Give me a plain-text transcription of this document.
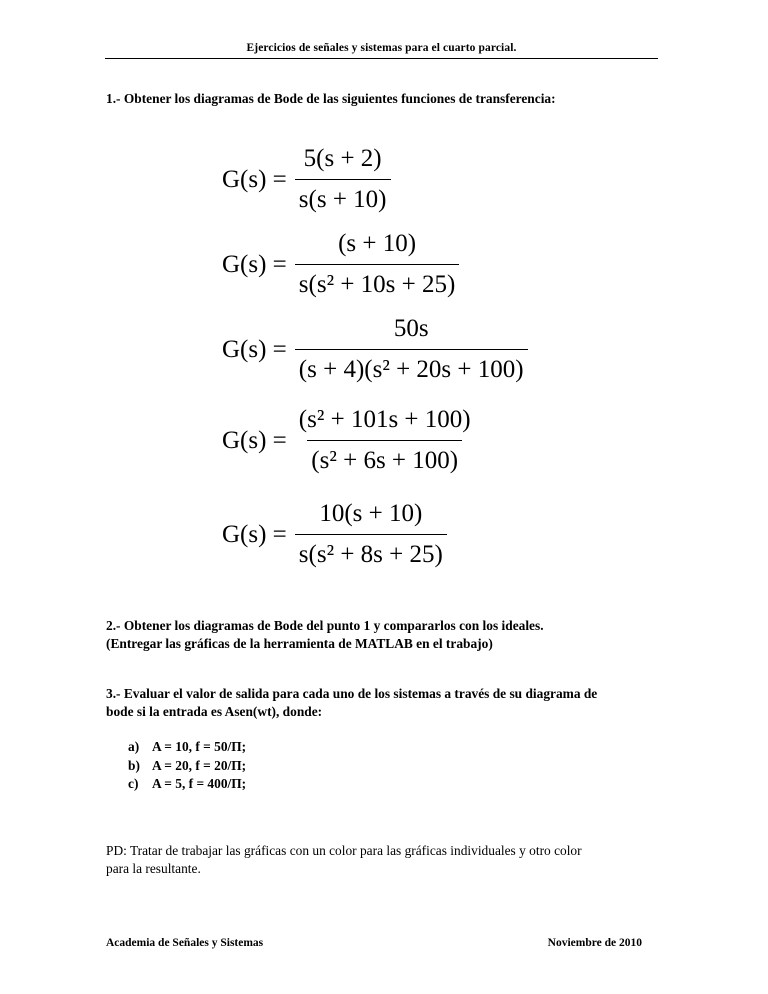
Ejercicios de señales y sistemas para el cuarto parcial.
1.- Obtener los diagramas de Bode de las siguientes funciones de transferencia:
$G(s) = \frac{5(s + 2)}{s(s + 10)}$
$G(s) = \frac{(s + 10)}{\text{s(s² + 10s + 25)}}$
$G(s) = \frac{50s}{\text{(s + 4)(s² + 20s + 100)}}$
$G(s) = \frac{\text{(s² + 101s + 100)}}{\text{(s² + 6s + 100)}}$
$G(s) = \frac{10(s + 10)}{\text{s(s² + 8s + 25)}}$
2.- Obtener los diagramas de Bode del punto 1 y compararlos con los ideales.
(Entregar las gráficas de la herramienta de MATLAB en el trabajo)
3.- Evaluar el valor de salida para cada uno de los sistemas a través de su diagrama de
bode si la entrada es Asen(wt), donde:
a) A = 10, f = 50/Π;
b) A = 20, f = 20/Π;
c)	A = 5, f = 400/Π;
PD: Tratar de trabajar las gráficas con un color para las gráficas individuales y otro color
para la resultante.
Academia de Señales y Sistemas	Noviembre de 2010
